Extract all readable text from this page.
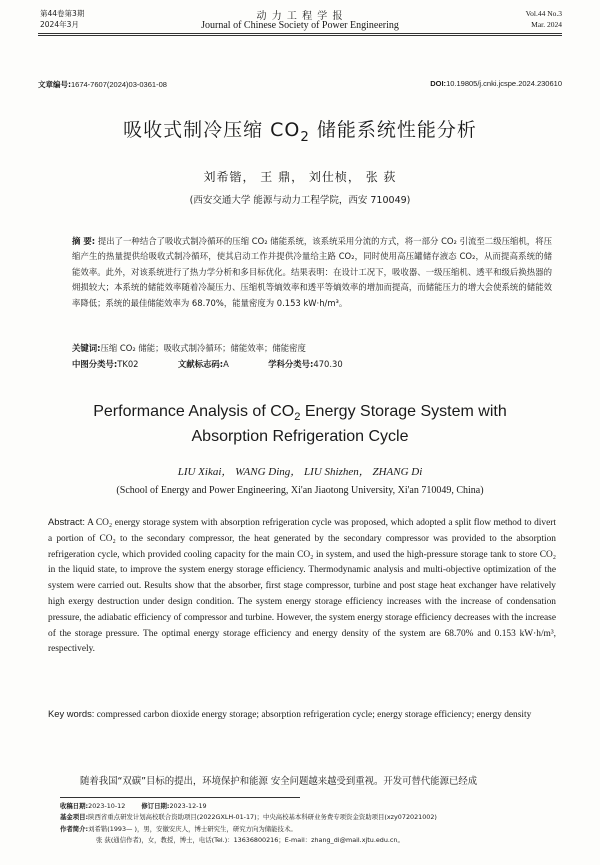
第44卷第3期
2024年3月
动 力 工 程 学 报
Journal of Chinese Society of Power Engineering
Vol.44 No.3
Mar. 2024
文章编号:1674-7607(2024)03-0361-08	DOI:10.19805/j.cnki.jcspe.2024.230610
吸收式制冷压缩 $CO_2$ 储能系统性能分析
刘希锴， 王 鼎， 刘仕桢， 张 荻
(西安交通大学 能源与动力工程学院，西安 710049)
摘 要: 提出了一种结合了吸收式制冷循环的压缩 CO₂ 储能系统，该系统采用分流的方式，将一部分 CO₂ 引流至二级压缩机，将压缩产生的热量提供给吸收式制冷循环，使其启动工作并提供冷量给主路 CO₂，同时使用高压罐储存液态 CO₂，从而提高系统的储能效率。此外，对该系统进行了热力学分析和多目标优化。结果表明：在设计工况下，吸收器、一级压缩机、透平和级后换热器的㶲损较大；本系统的储能效率随着冷凝压力、压缩机等熵效率和透平等熵效率的增加而提高，而储能压力的增大会使系统的储能效率降低；系统的最佳储能效率为 68.70%，能量密度为 0.153 kW·h/m³。
关键词:压缩 CO₂ 储能；吸收式制冷循环；储能效率；储能密度
中图分类号:TK02	文献标志码:A	学科分类号:470.30
Performance Analysis of $CO_2$ Energy Storage System with
Absorption Refrigeration Cycle
LIU Xikai， WANG Ding， LIU Shizhen， ZHANG Di
(School of Energy and Power Engineering, Xi'an Jiaotong University, Xi'an 710049, China)
Abstract: A CO₂ energy storage system with absorption refrigeration cycle was proposed, which adopted a split flow method to divert a portion of CO₂ to the secondary compressor, the heat generated by the secondary compressor was provided to the absorption refrigeration cycle, which provided cooling capacity for the main CO₂ in system, and used the high-pressure storage tank to store CO₂ in the liquid state, to improve the system energy storage efficiency. Thermodynamic analysis and multi-objective optimization of the system were carried out. Results show that the absorber, first stage compressor, turbine and post stage heat exchanger have relatively high exergy destruction under design condition. The system energy storage efficiency increases with the increase of condensation pressure, the adiabatic efficiency of compressor and turbine. However, the system energy storage efficiency decreases with the increase of the storage pressure. The optimal energy storage efficiency and energy density of the system are 68.70% and 0.153 kW·h/m³, respectively.
Key words: compressed carbon dioxide energy storage; absorption refrigeration cycle; energy storage efficiency; energy density
随着我国“双碳”目标的提出，环境保护和能源 安全问题越来越受到重视。开发可替代能源已经成
收稿日期:2023-10-12	修订日期:2023-12-19
基金项目:陕西省重点研发计划高校联合资助项目(2022GXLH-01-17)；中央高校基本科研业务费专项资金资助项目(xzy072021002)
作者简介:刘希锴(1993— )，男，安徽安庆人，博士研究生，研究方向为储能技术。
张 荻(通信作者)，女，教授，博士，电话(Tel.)：13636800216；E-mail：zhang_di@mail.xjtu.edu.cn。
